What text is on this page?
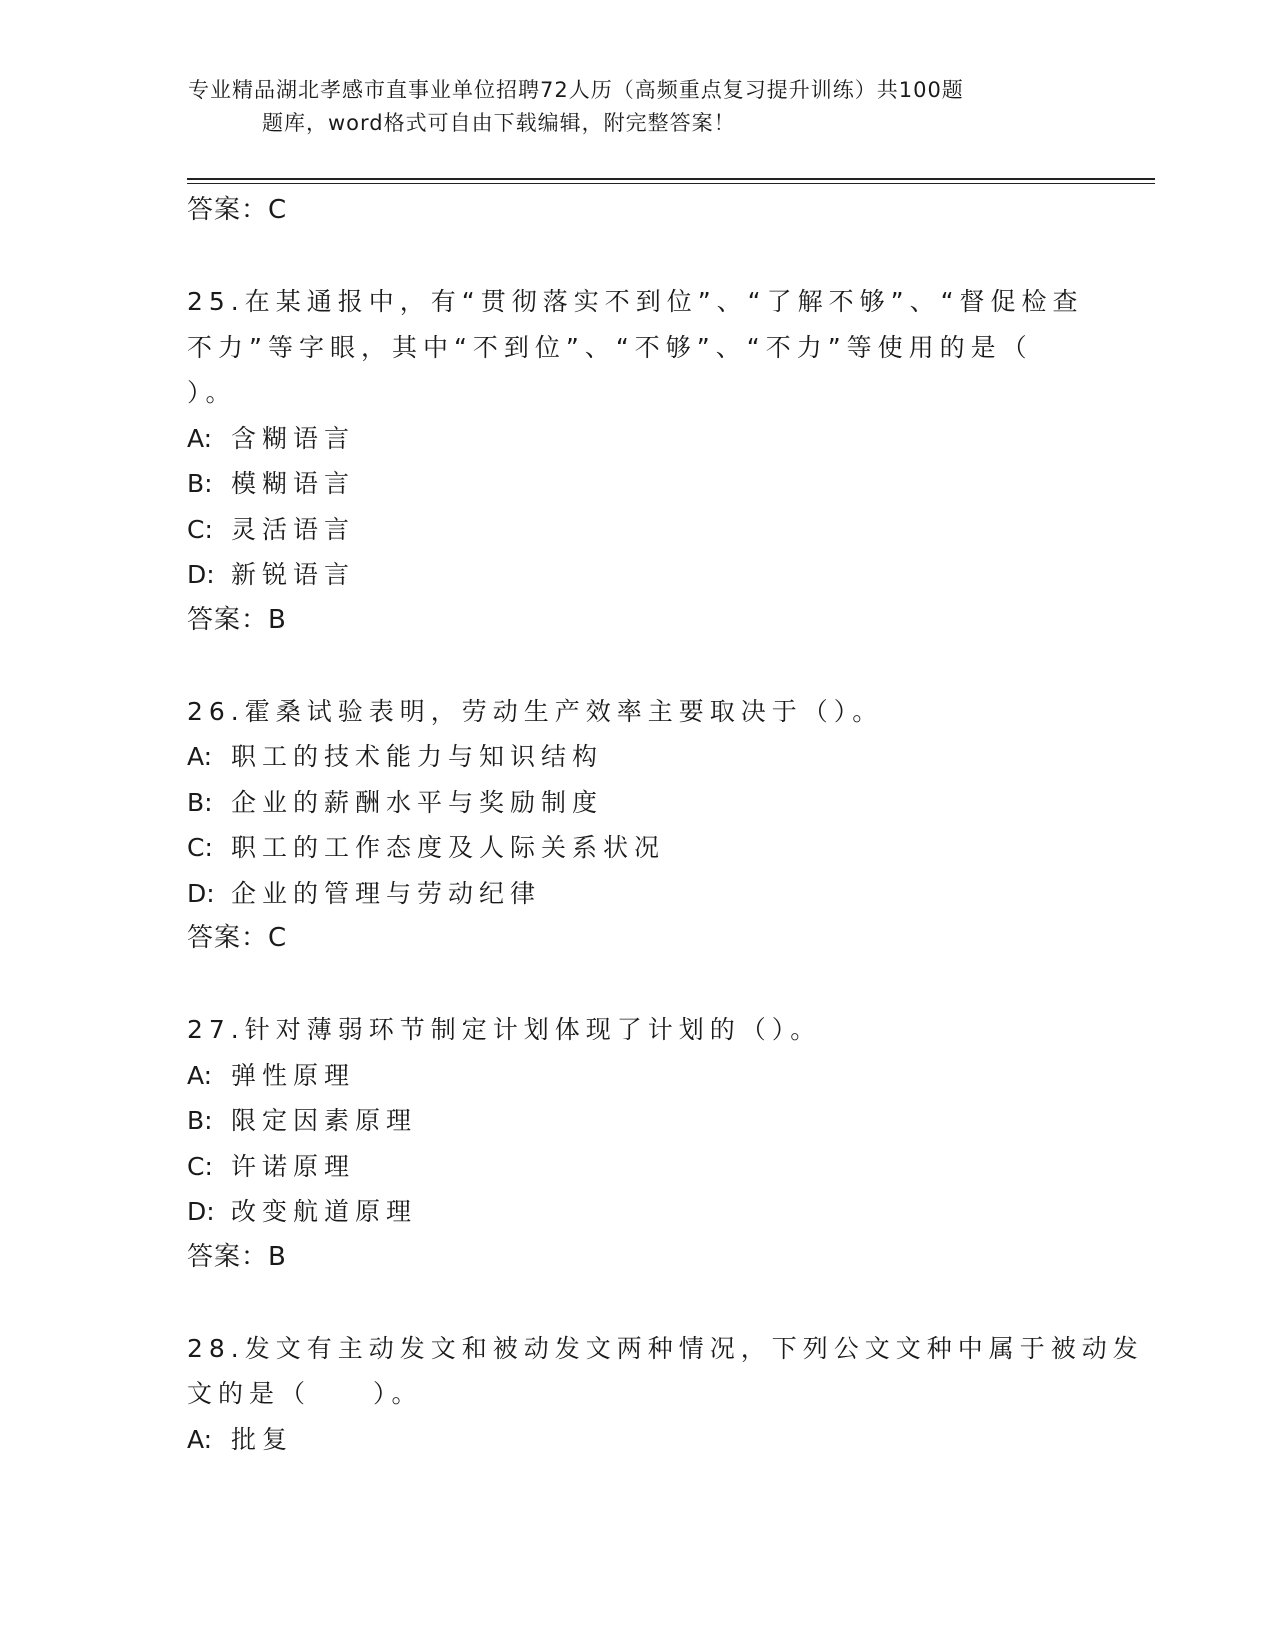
专业精品湖北孝感市直事业单位招聘72人历（高频重点复习提升训练）共100题
题库，word格式可自由下载编辑，附完整答案！
答案：C
25.在某通报中，有“贯彻落实不到位”、“了解不够”、“督促检查
不力”等字眼，其中“不到位”、“不够”、“不力”等使用的是（
）。
A: 含糊语言
B: 模糊语言
C: 灵活语言
D: 新锐语言
答案：B
26.霍桑试验表明，劳动生产效率主要取决于（）。
A: 职工的技术能力与知识结构
B: 企业的薪酬水平与奖励制度
C: 职工的工作态度及人际关系状况
D: 企业的管理与劳动纪律
答案：C
27.针对薄弱环节制定计划体现了计划的（）。
A: 弹性原理
B: 限定因素原理
C: 许诺原理
D: 改变航道原理
答案：B
28.发文有主动发文和被动发文两种情况，下列公文文种中属于被动发
文的是（　　）。
A: 批复
